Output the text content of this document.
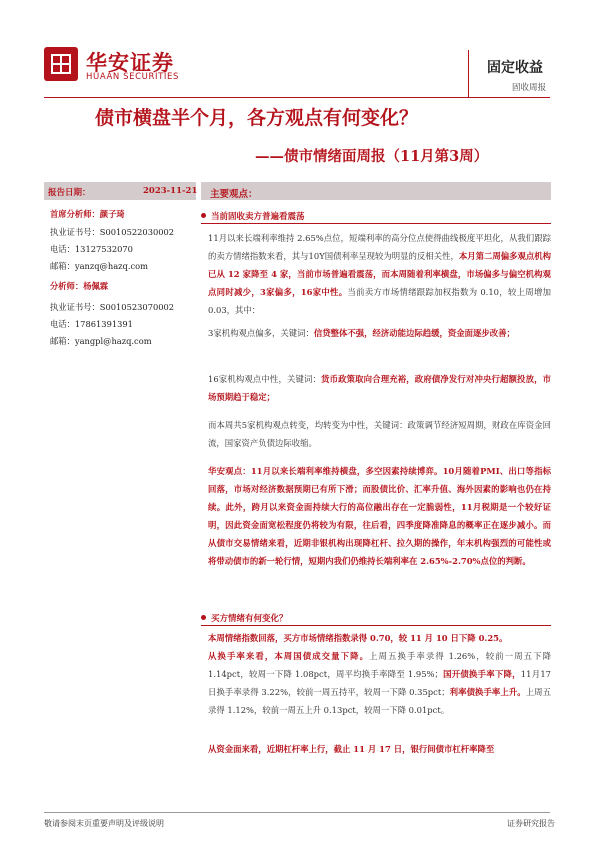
华安证券
HUAAN SECURITIES
固定收益
固收周报
债市横盘半个月，各方观点有何变化？
——债市情绪面周报（11月第3周）
报告日期：	2023-11-21
首席分析师：颜子琦
执业证书号：S0010522030002
电话：13127532070
邮箱：yanzq@hazq.com
分析师：杨佩霖
执业证书号：S0010523070002
电话：17861391391
邮箱：yangpl@hazq.com
主要观点：
当前固收卖方普遍看震荡
11月以来长端利率维持 2.65%点位，短端利率的高分位点使得曲线极度平坦化，从我们跟踪的卖方情绪指数来看，其与10Y国债利率呈现较为明显的反相关性，本月第二周偏多观点机构已从 12 家降至 4 家，当前市场普遍看震荡，而本周随着利率横盘，市场偏多与偏空机构观点同时减少，3家偏多，16家中性。当前卖方市场情绪跟踪加权指数为 0.10，较上周增加 0.03，其中：
3家机构观点偏多，关键词：信贷整体不强，经济动能边际趋缓，资金面逐步改善；
16家机构观点中性，关键词：货币政策取向合理充裕，政府债净发行对冲央行超额投放，市场预期趋于稳定；
而本周共5家机构观点转变，均转变为中性，关键词：政策调节经济短周期，财政在库资金回流，国家资产负债边际收缩。
华安观点：11月以来长端利率维持横盘，多空因素持续博弈。10月随着PMI、出口等指标回落，市场对经济数据预期已有所下滑；而股债比价、汇率升值、海外因素的影响也仍在持续。此外，跨月以来资金面持续大行的高位融出存在一定脆弱性，11月税期是一个较好证明，因此资金面宽松程度仍将较为有限，往后看，四季度降准降息的概率正在逐步减小。而从债市交易情绪来看，近期非银机构出现降杠杆、拉久期的操作，年末机构强烈的可能性或将带动债市的新一轮行情，短期内我们仍维持长端利率在 2.65%-2.70%点位的判断。
买方情绪有何变化？
本周情绪指数回落，买方市场情绪指数录得 0.70，较 11 月 10 日下降 0.25。
从换手率来看，本周国债成交量下降。上周五换手率录得 1.26%，较前一周五下降 1.14pct，较周一下降 1.08pct，周平均换手率降至 1.95%；国开债换手率下降，11月17日换手率录得 3.22%，较前一周五持平，较周一下降 0.35pct；利率债换手率上升。上周五录得 1.12%，较前一周五上升 0.13pct，较周一下降 0.01pct。
从资金面来看，近期杠杆率上行，截止 11 月 17 日，银行间债市杠杆率降至
敬请参阅末页重要声明及评级说明	证券研究报告
